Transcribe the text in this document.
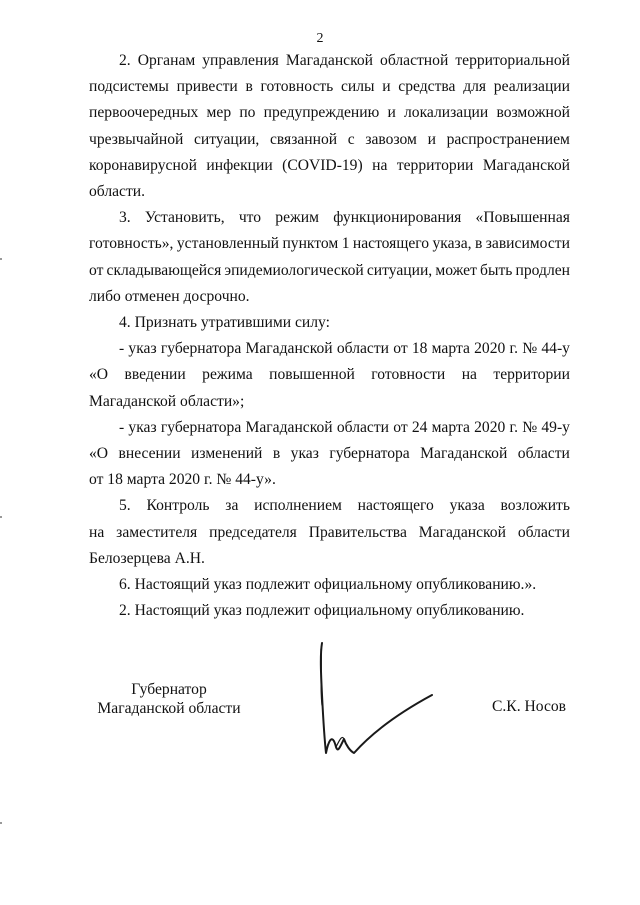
2
2. Органам управления Магаданской областной территориальной
подсистемы привести в готовность силы и средства для реализации
первоочередных мер по предупреждению и локализации возможной
чрезвычайной ситуации, связанной с завозом и распространением
коронавирусной инфекции (COVID-19) на территории Магаданской
области.
3. Установить, что режим функционирования «Повышенная
готовность», установленный пунктом 1 настоящего указа, в зависимости
от складывающейся эпидемиологической ситуации, может быть продлен
либо отменен досрочно.
4. Признать утратившими силу:
- указ губернатора Магаданской области от 18 марта 2020 г. № 44-у
«О введении режима повышенной готовности на территории
Магаданской области»;
- указ губернатора Магаданской области от 24 марта 2020 г. № 49-у
«О внесении изменений в указ губернатора Магаданской области
от 18 марта 2020 г. № 44-у».
5. Контроль за исполнением настоящего указа возложить
на заместителя председателя Правительства Магаданской области
Белозерцева А.Н.
6. Настоящий указ подлежит официальному опубликованию.».
2. Настоящий указ подлежит официальному опубликованию.
Губернатор
Магаданской области	С.К. Носов
